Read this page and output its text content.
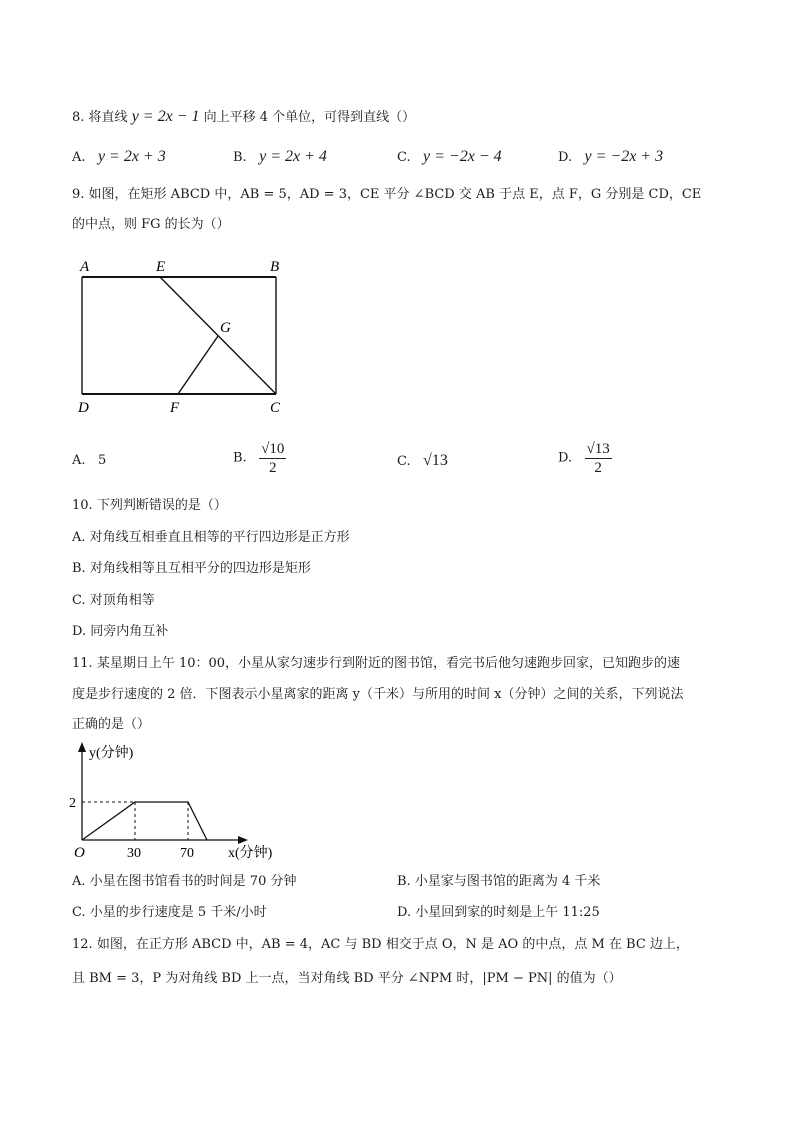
8. 将直线 y = 2x − 1 向上平移 4 个单位，可得到直线（）
A. y = 2x + 3	B. y = 2x + 4	C. y = −2x − 4	D. y = −2x + 3
9. 如图，在矩形 ABCD 中，AB = 5，AD = 3，CE 平分 ∠BCD 交 AB 于点 E，点 F，G 分别是 CD，CE
的中点，则 FG 的长为（）
A	E	B
G
D	F	C
A. 5	B. $\frac{√10}{2}$	C. √13	D. $\frac{√13}{2}$
10. 下列判断错误的是（）
A. 对角线互相垂直且相等的平行四边形是正方形
B. 对角线相等且互相平分的四边形是矩形
C. 对顶角相等
D. 同旁内角互补
11. 某星期日上午 10：00，小星从家匀速步行到附近的图书馆，看完书后他匀速跑步回家，已知跑步的速
度是步行速度的 2 倍．下图表示小星离家的距离 y（千米）与所用的时间 x（分钟）之间的关系，下列说法
正确的是（）
y(分钟)
2
O	30	70 x(分钟)
A. 小星在图书馆看书的时间是 70 分钟	B. 小星家与图书馆的距离为 4 千米
C. 小星的步行速度是 5 千米/小时	D. 小星回到家的时刻是上午 11:25
12. 如图，在正方形 ABCD 中，AB = 4，AC 与 BD 相交于点 O，N 是 AO 的中点，点 M 在 BC 边上，
且 BM = 3，P 为对角线 BD 上一点，当对角线 BD 平分 ∠NPM 时，|PM − PN| 的值为（）
